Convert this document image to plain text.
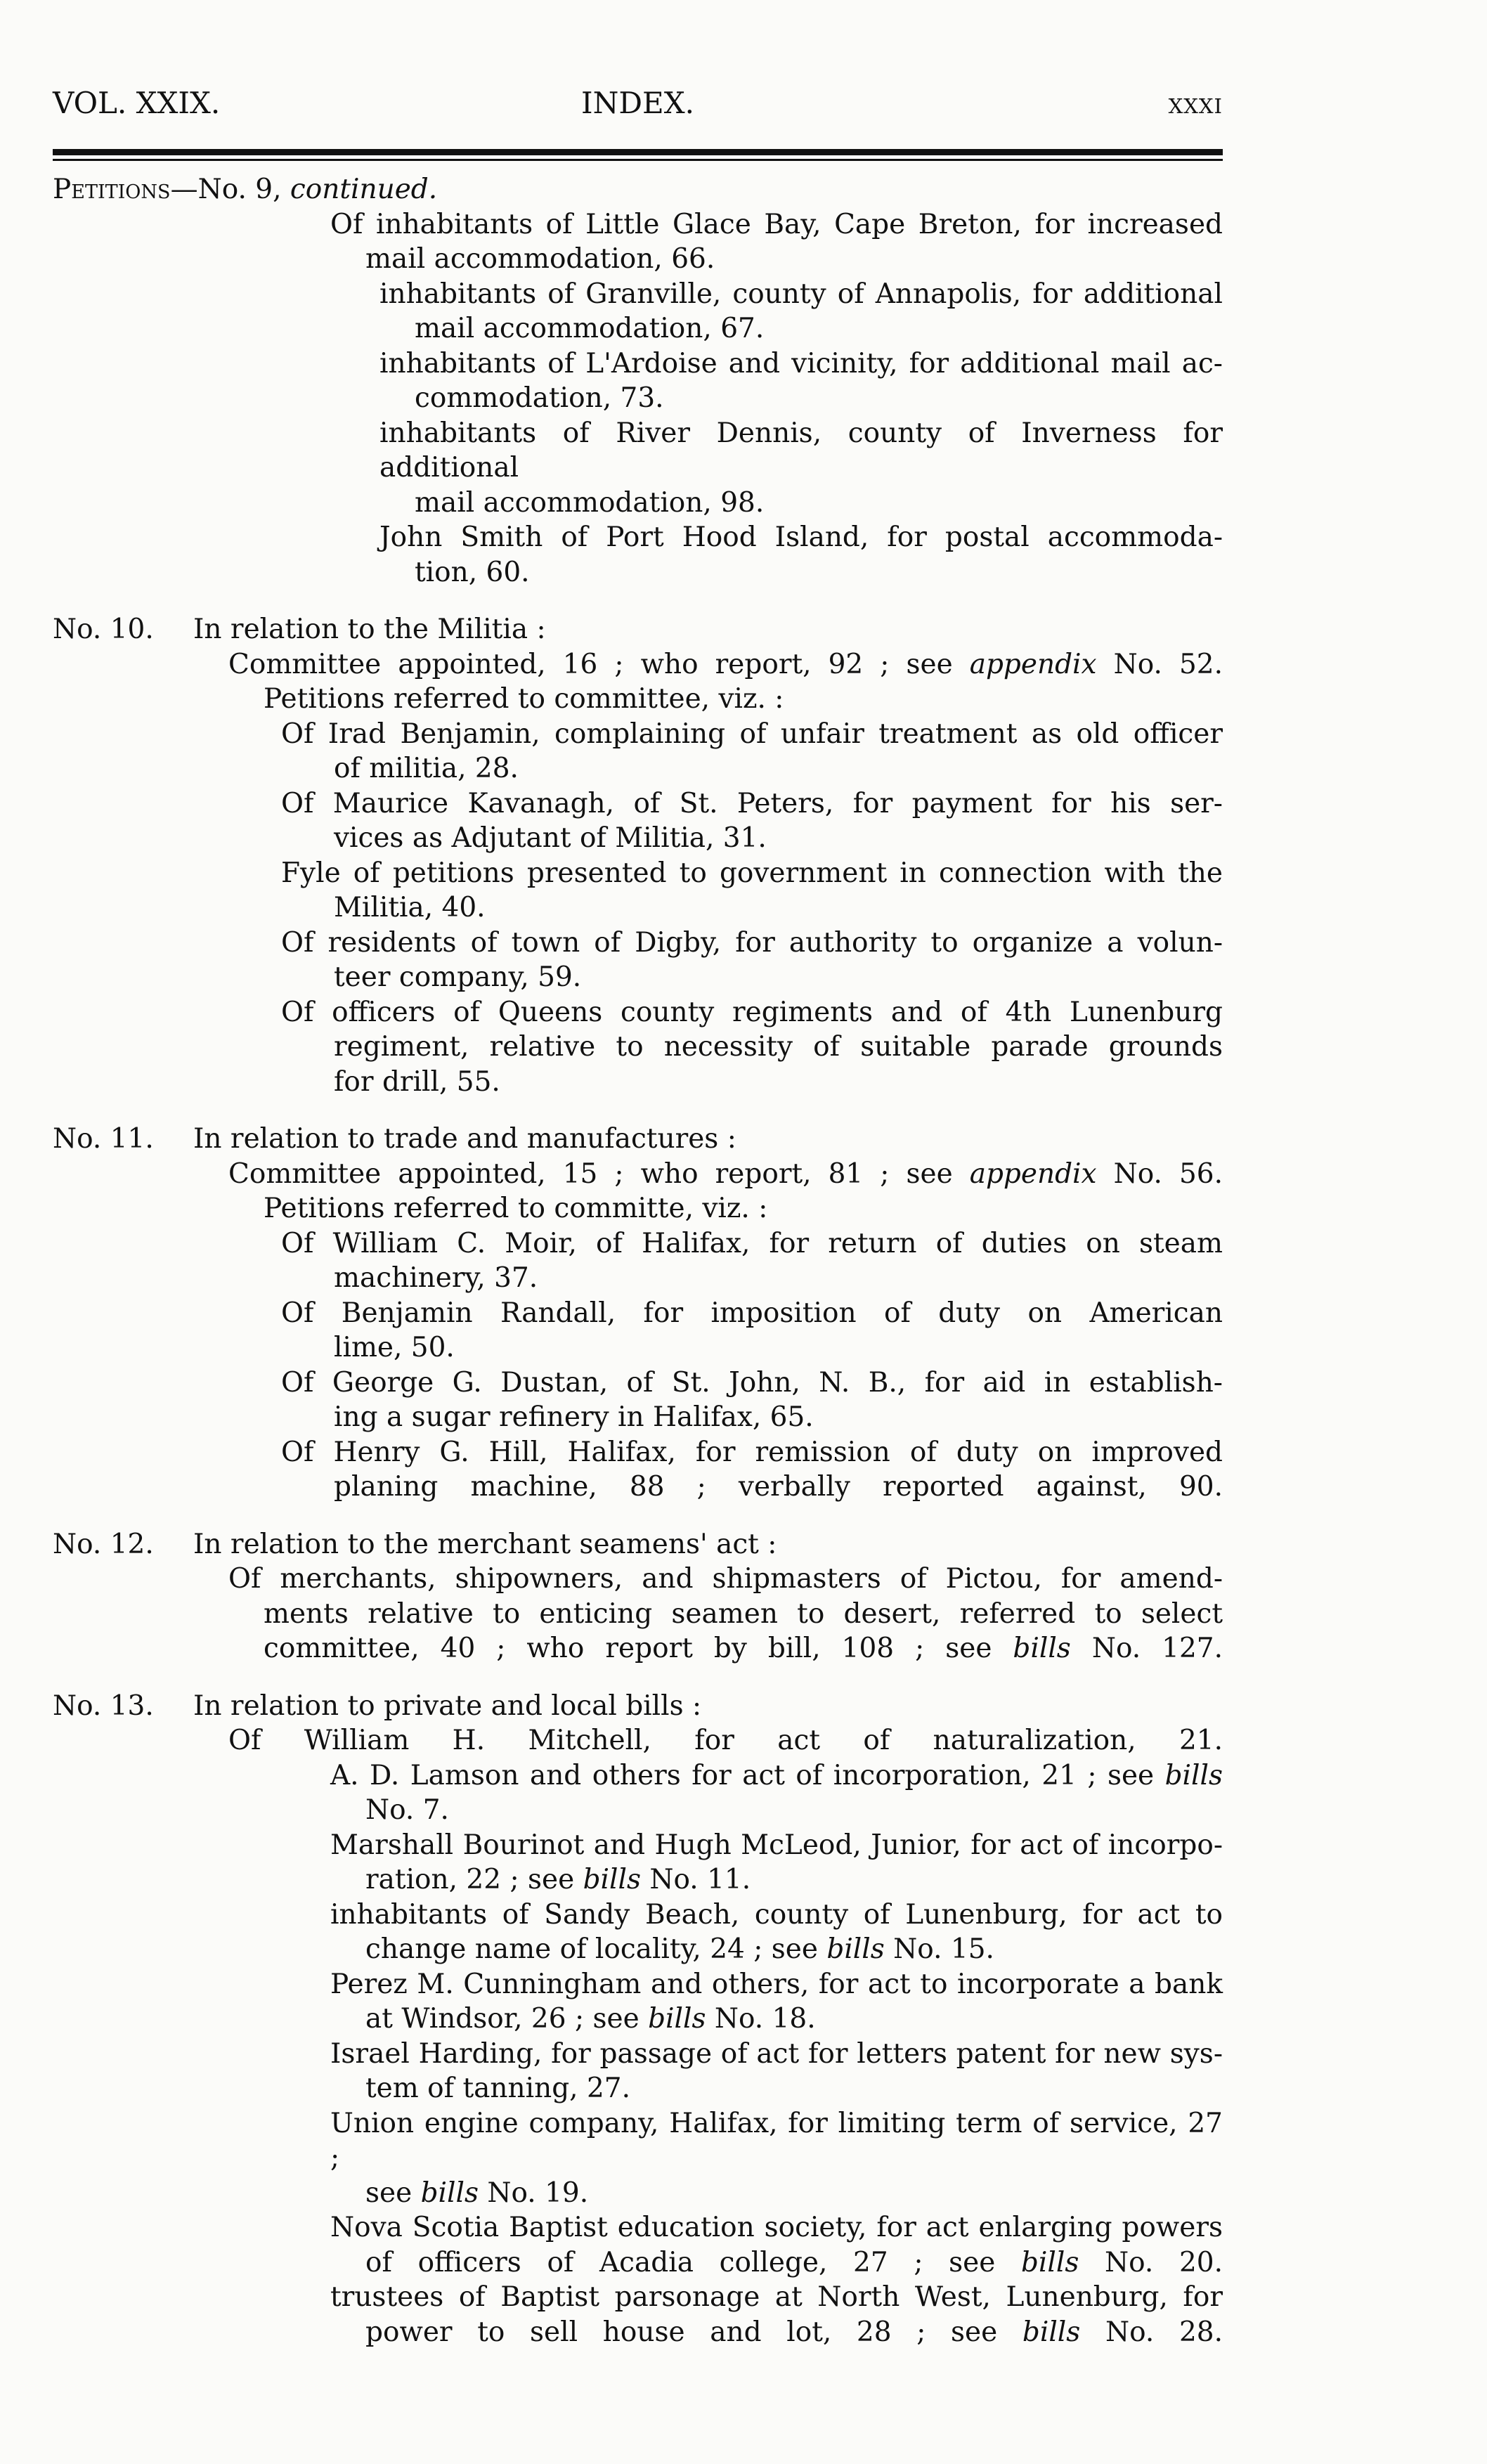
VOL. XXIX.	INDEX.	xxxi
Petitions—No. 9, continued.
Of inhabitants of Little Glace Bay, Cape Breton, for increased
mail accommodation, 66.
inhabitants of Granville, county of Annapolis, for additional
mail accommodation, 67.
inhabitants of L'Ardoise and vicinity, for additional mail ac-
commodation, 73.
inhabitants of River Dennis, county of Inverness for additional
mail accommodation, 98.
John Smith of Port Hood Island, for postal accommoda-
tion, 60.
No. 10. In relation to the Militia :
Committee appointed, 16 ; who report, 92 ; see appendix No. 52.
Petitions referred to committee, viz. :
Of Irad Benjamin, complaining of unfair treatment as old officer
of militia, 28.
Of Maurice Kavanagh, of St. Peters, for payment for his ser-
vices as Adjutant of Militia, 31.
Fyle of petitions presented to government in connection with the
Militia, 40.
Of residents of town of Digby, for authority to organize a volun-
teer company, 59.
Of officers of Queens county regiments and of 4th Lunenburg
regiment, relative to necessity of suitable parade grounds
for drill, 55.
No. 11. In relation to trade and manufactures :
Committee appointed, 15 ; who report, 81 ; see appendix No. 56.
Petitions referred to committe, viz. :
Of William C. Moir, of Halifax, for return of duties on steam
machinery, 37.
Of Benjamin Randall, for imposition of duty on American
lime, 50.
Of George G. Dustan, of St. John, N. B., for aid in establish-
ing a sugar refinery in Halifax, 65.
Of Henry G. Hill, Halifax, for remission of duty on improved
planing machine, 88 ; verbally reported against, 90.
No. 12. In relation to the merchant seamens' act :
Of merchants, shipowners, and shipmasters of Pictou, for amend-
ments relative to enticing seamen to desert, referred to select
committee, 40 ; who report by bill, 108 ; see bills No. 127.
No. 13. In relation to private and local bills :
Of William H. Mitchell, for act of naturalization, 21.
A. D. Lamson and others for act of incorporation, 21 ; see bills
No. 7.
Marshall Bourinot and Hugh McLeod, Junior, for act of incorpo-
ration, 22 ; see bills No. 11.
inhabitants of Sandy Beach, county of Lunenburg, for act to
change name of locality, 24 ; see bills No. 15.
Perez M. Cunningham and others, for act to incorporate a bank
at Windsor, 26 ; see bills No. 18.
Israel Harding, for passage of act for letters patent for new sys-
tem of tanning, 27.
Union engine company, Halifax, for limiting term of service, 27 ;
see bills No. 19.
Nova Scotia Baptist education society, for act enlarging powers
of officers of Acadia college, 27 ; see bills No. 20.
trustees of Baptist parsonage at North West, Lunenburg, for
power to sell house and lot, 28 ; see bills No. 28.
